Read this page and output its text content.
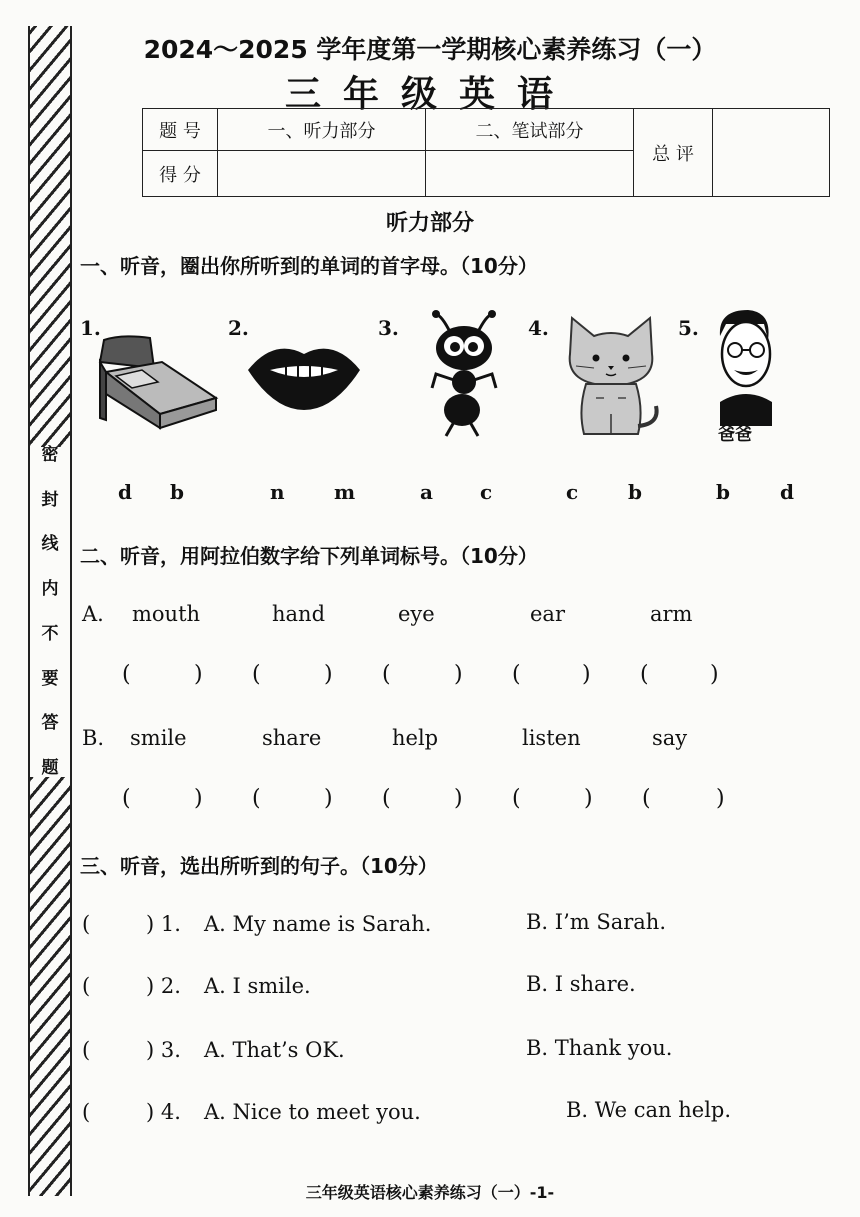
密
封
线
内
不
要
答
题
2024～2025 学年度第一学期核心素养练习（一）
三年级英语
题 号	一、听力部分	二、笔试部分	总 评	
得 分				
听力部分
一、听音，圈出你所听到的单词的首字母。（10分）
1.	2.	3.	4.	5.
爸爸
d b	n m	a c	c b	b	d
二、听音，用阿拉伯数字给下列单词标号。（10分）
A. mouth	hand	eye	ear	arm
(	) (	) (	) (	) (	)
B. smile	share	help	listen	say
(	) (	) (	) (	) (	)
三、听音，选出所听到的句子。（10分）
(	) 1. A. My name is Sarah.	B. I’m Sarah.
(	) 2. A. I smile.	B. I share.
(	) 3. A. That’s OK.	B. Thank you.
(	) 4. A. Nice to meet you.	B. We can help.
三年级英语核心素养练习（一）-1-
